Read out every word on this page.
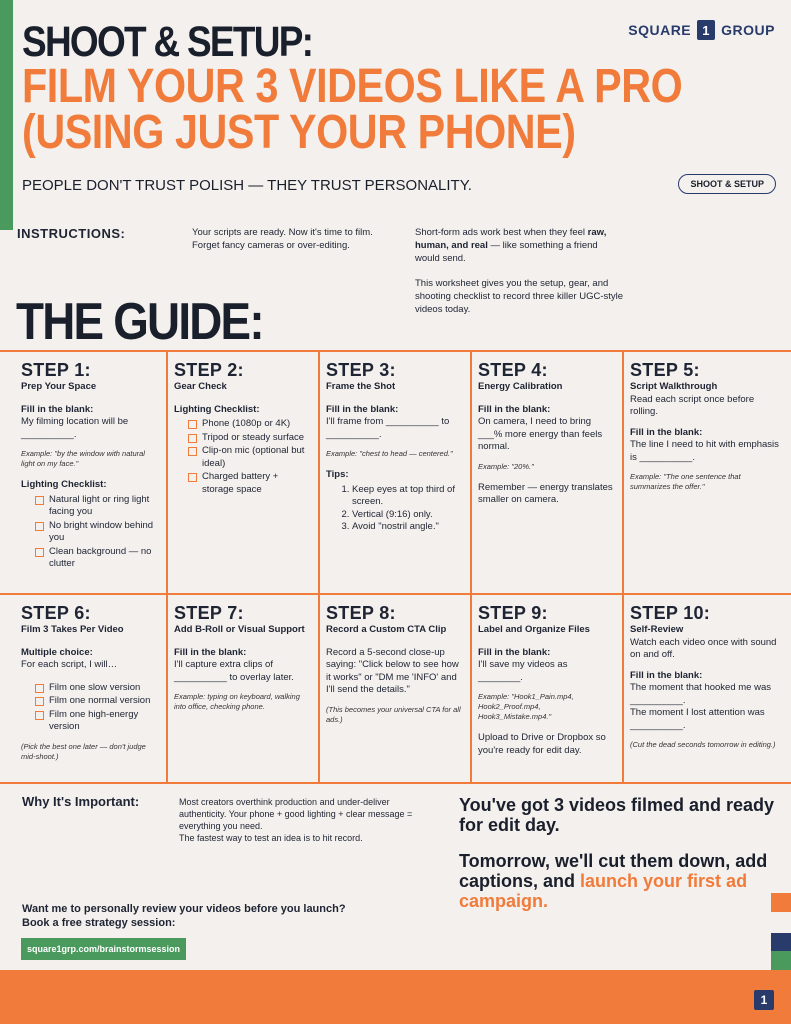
SHOOT & SETUP:
FILM YOUR 3 VIDEOS LIKE A PRO
(USING JUST YOUR PHONE)
SQUARE 1 GROUP
PEOPLE DON'T TRUST POLISH — THEY TRUST PERSONALITY.	SHOOT & SETUP
INSTRUCTIONS:	Your scripts are ready. Now it's time to film. Forget fancy cameras or over-editing.

Short-form ads work best when they feel raw, human, and real — like something a friend would send.

This worksheet gives you the setup, gear, and shooting checklist to record three killer UGC-style videos today.

THE GUIDE:
STEP 1:
Prep Your Space
Fill in the blank:
My filming location will be __________.
Example: "by the window with natural light on my face."
Lighting Checklist:
Natural light or ring light facing you
No bright window behind you
Clean background — no clutter
STEP 2:
Gear Check
Lighting Checklist:
Phone (1080p or 4K)
Tripod or steady surface
Clip-on mic (optional but ideal)
Charged battery + storage space
STEP 3:
Frame the Shot
Fill in the blank:
I'll frame from __________ to __________.
Example: "chest to head — centered."
Tips:
1. Keep eyes at top third of screen.
2. Vertical (9:16) only.
3. Avoid "nostril angle."
STEP 4:
Energy Calibration
Fill in the blank:
On camera, I need to bring ___% more energy than feels normal.
Example: "20%."
Remember — energy translates smaller on camera.
STEP 5:
Script Walkthrough
Read each script once before rolling.
Fill in the blank:
The line I need to hit with emphasis is __________.
Example: "The one sentence that summarizes the offer."
STEP 6:
Film 3 Takes Per Video
Multiple choice:
For each script, I will…
Film one slow version
Film one normal version
Film one high-energy version
(Pick the best one later — don't judge mid-shoot.)
STEP 7:
Add B-Roll or Visual Support
Fill in the blank:
I'll capture extra clips of __________ to overlay later.
Example: typing on keyboard, walking into office, checking phone.
STEP 8:
Record a Custom CTA Clip
Record a 5-second close-up saying: "Click below to see how it works" or "DM me 'INFO' and I'll send the details."
(This becomes your universal CTA for all ads.)
STEP 9:
Label and Organize Files
Fill in the blank:
I'll save my videos as ________.
Example: "Hook1_Pain.mp4, Hook2_Proof.mp4, Hook3_Mistake.mp4."
Upload to Drive or Dropbox so you're ready for edit day.
STEP 10:
Self-Review
Watch each video once with sound on and off.
Fill in the blank:
The moment that hooked me was __________.
The moment I lost attention was __________.
(Cut the dead seconds tomorrow in editing.)
Why It's Important:	Most creators overthink production and under-deliver authenticity. Your phone + good lighting + clear message = everything you need.
The fastest way to test an idea is to hit record.

You've got 3 videos filmed and ready for edit day.

Tomorrow, we'll cut them down, add captions, and launch your first ad campaign.

Want me to personally review your videos before you launch?
Book a free strategy session:
square1grp.com/brainstormsession
1
